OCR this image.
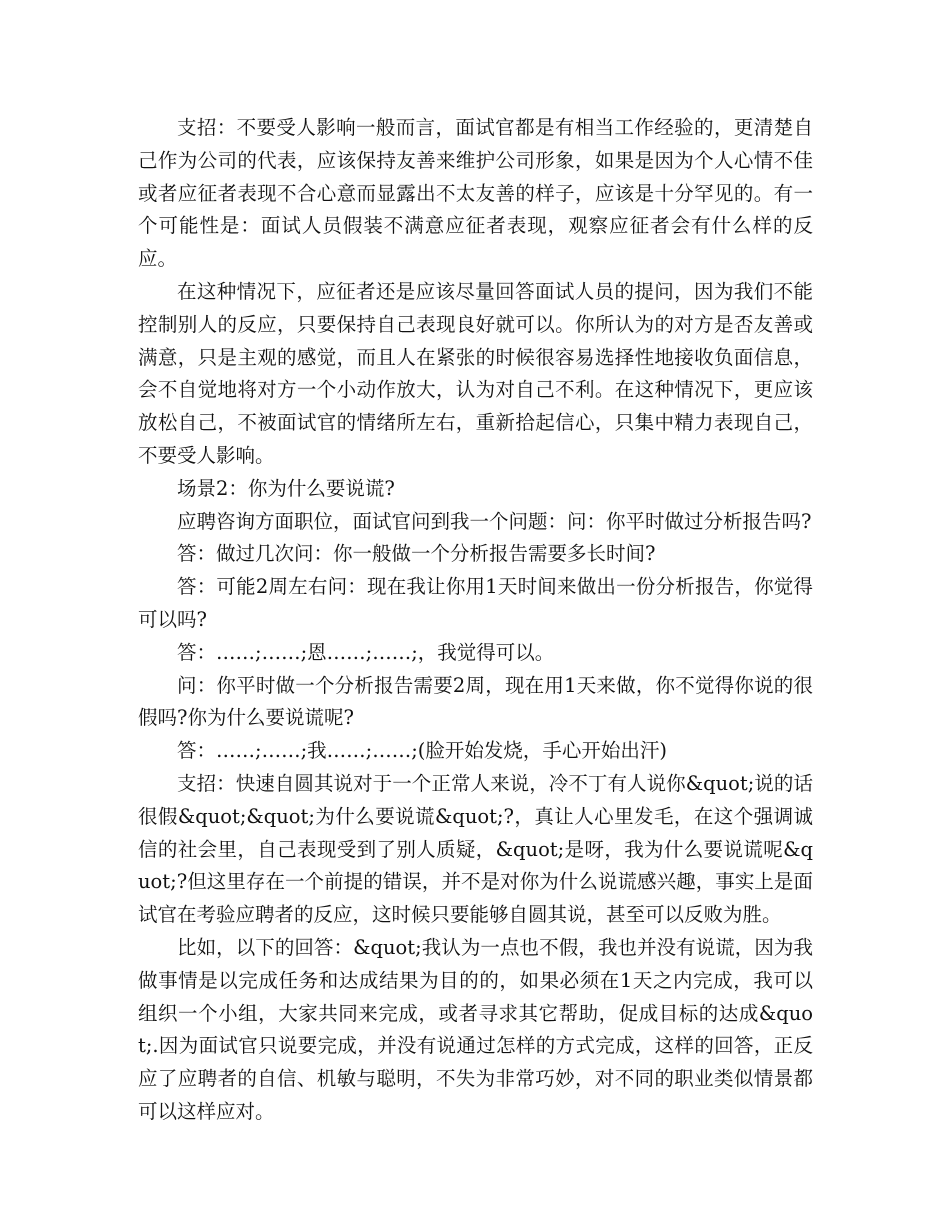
支招：不要受人影响一般而言，面试官都是有相当工作经验的，更清楚自己作为公司的代表，应该保持友善来维护公司形象，如果是因为个人心情不佳或者应征者表现不合心意而显露出不太友善的样子，应该是十分罕见的。有一个可能性是：面试人员假装不满意应征者表现，观察应征者会有什么样的反应。

在这种情况下，应征者还是应该尽量回答面试人员的提问，因为我们不能控制别人的反应，只要保持自己表现良好就可以。你所认为的对方是否友善或满意，只是主观的感觉，而且人在紧张的时候很容易选择性地接收负面信息，会不自觉地将对方一个小动作放大，认为对自己不利。在这种情况下，更应该放松自己，不被面试官的情绪所左右，重新拾起信心，只集中精力表现自己，不要受人影响。

场景2：你为什么要说谎?

应聘咨询方面职位，面试官问到我一个问题：问：你平时做过分析报告吗?

答：做过几次问：你一般做一个分析报告需要多长时间?

答：可能2周左右问：现在我让你用1天时间来做出一份分析报告，你觉得可以吗?

答：……;……;恩……;……;，我觉得可以。

问：你平时做一个分析报告需要2周，现在用1天来做，你不觉得你说的很假吗?你为什么要说谎呢?

答：……;……;我……;……;(脸开始发烧，手心开始出汗)

支招：快速自圆其说对于一个正常人来说，冷不丁有人说你&quot;说的话很假&quot;&quot;为什么要说谎&quot;?，真让人心里发毛，在这个强调诚信的社会里，自己表现受到了别人质疑，&quot;是呀，我为什么要说谎呢&quot;?但这里存在一个前提的错误，并不是对你为什么说谎感兴趣，事实上是面试官在考验应聘者的反应，这时候只要能够自圆其说，甚至可以反败为胜。

比如，以下的回答：&quot;我认为一点也不假，我也并没有说谎，因为我做事情是以完成任务和达成结果为目的的，如果必须在1天之内完成，我可以组织一个小组，大家共同来完成，或者寻求其它帮助，促成目标的达成&quot;.因为面试官只说要完成，并没有说通过怎样的方式完成，这样的回答，正反应了应聘者的自信、机敏与聪明，不失为非常巧妙，对不同的职业类似情景都可以这样应对。
